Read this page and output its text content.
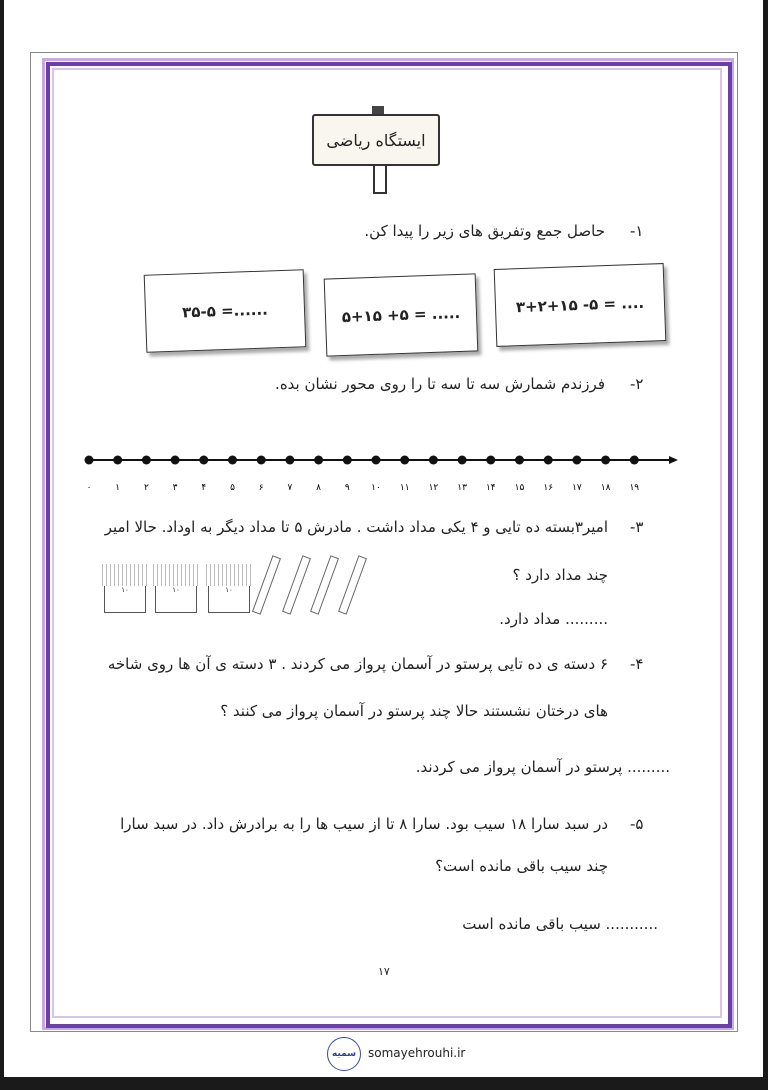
ایستگاه ریاضی
-۱
حاصل جمع وتفریق های زیر را پیدا کن.
۳۵-۵ =......	۵+۱۵ +۵ = .....	۳+۲+۱۵ -۵ = ....
-۲
فرزندم شمارش سه تا سه تا را روی محور نشان بده.
۰	۱	۲	۳	۴	۵	۶	۷	۸	۹ ۱۰ ۱۱ ۱۲ ۱۳ ۱۴ ۱۵ ۱۶ ۱۷ ۱۸ ۱۹
-۳
امیر۳بسته ده تایی و ۴ یکی مداد داشت . مادرش ۵ تا مداد دیگر به اوداد. حالا امیر
چند مداد دارد ؟
......... مداد دارد.
۱۰	۱۰	۱۰
-۴
۶ دسته ی ده تایی پرستو در آسمان پرواز می کردند . ۳ دسته ی آن ها روی شاخه
های درختان نشستند حالا چند پرستو در آسمان پرواز می کنند ؟
......... پرستو در آسمان پرواز می کردند.
-۵
در سبد سارا ۱۸ سیب بود. سارا ۸ تا از سیب ها را به برادرش داد. در سبد سارا
چند سیب باقی مانده است؟
........... سیب باقی مانده است
۱۷
سمیه somayehrouhi.ir
